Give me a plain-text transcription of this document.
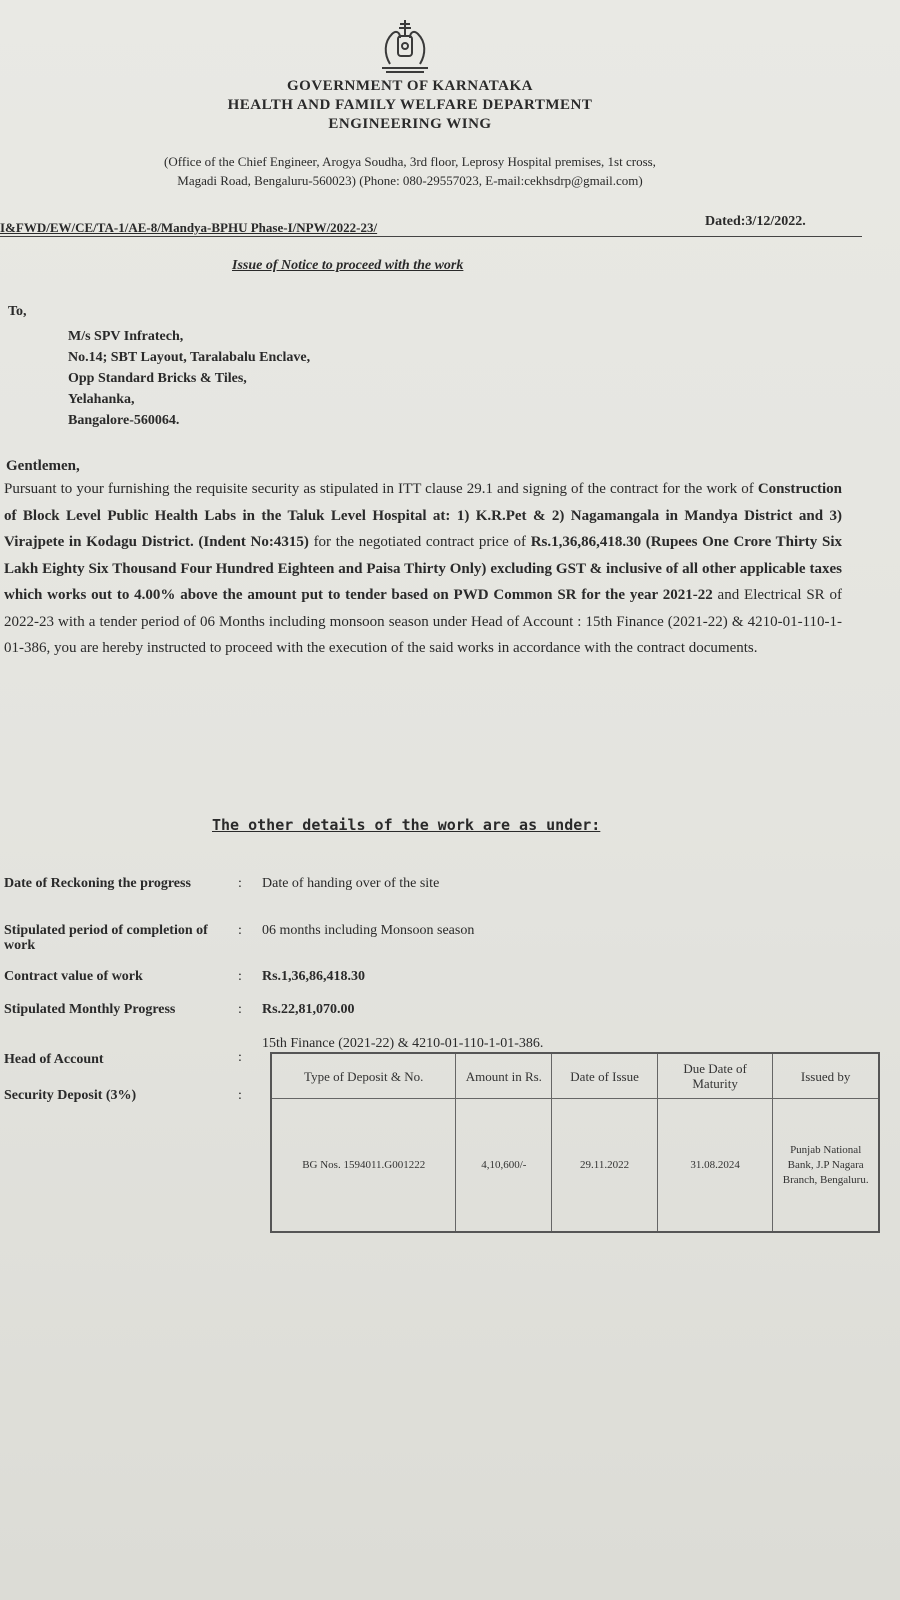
GOVERNMENT OF KARNATAKA
HEALTH AND FAMILY WELFARE DEPARTMENT
ENGINEERING WING
(Office of the Chief Engineer, Arogya Soudha, 3rd floor, Leprosy Hospital premises, 1st cross,
Magadi Road, Bengaluru-560023) (Phone: 080-29557023, E-mail:cekhsdrp@gmail.com)
I&FWD/EW/CE/TA-1/AE-8/Mandya-BPHU Phase-I/NPW/2022-23/	Dated:3/12/2022.
Issue of Notice to proceed with the work
To,
M/s SPV Infratech,
No.14; SBT Layout, Taralabalu Enclave,
Opp Standard Bricks & Tiles,
Yelahanka,
Bangalore-560064.
Gentlemen,
Pursuant to your furnishing the requisite security as stipulated in ITT clause 29.1 and signing of the contract for the work of Construction of Block Level Public Health Labs in the Taluk Level Hospital at: 1) K.R.Pet & 2) Nagamangala in Mandya District and 3) Virajpete in Kodagu District. (Indent No:4315) for the negotiated contract price of Rs.1,36,86,418.30 (Rupees One Crore Thirty Six Lakh Eighty Six Thousand Four Hundred Eighteen and Paisa Thirty Only) excluding GST & inclusive of all other applicable taxes which works out to 4.00% above the amount put to tender based on PWD Common SR for the year 2021-22 and Electrical SR of 2022-23 with a tender period of 06 Months including monsoon season under Head of Account : 15th Finance (2021-22) & 4210-01-110-1-01-386, you are hereby instructed to proceed with the execution of the said works in accordance with the contract documents.
The other details of the work are as under:
Date of Reckoning the progress	: Date of handing over of the site
Stipulated period of completion of work
: 06 months including Monsoon season
Contract value of work	: Rs.1,36,86,418.30
Stipulated Monthly Progress	: Rs.22,81,070.00
Head of Account	:
15th Finance (2021-22) & 4210-01-110-1-01-386.
Security Deposit (3%)	:
Type of Deposit & No.	Amount in Rs.	Date of Issue	Due Date of Maturity	Issued by
BG Nos. 1594011.G001222	4,10,600/-	29.11.2022	31.08.2024	Punjab National Bank, J.P Nagara Branch, Bengaluru.
